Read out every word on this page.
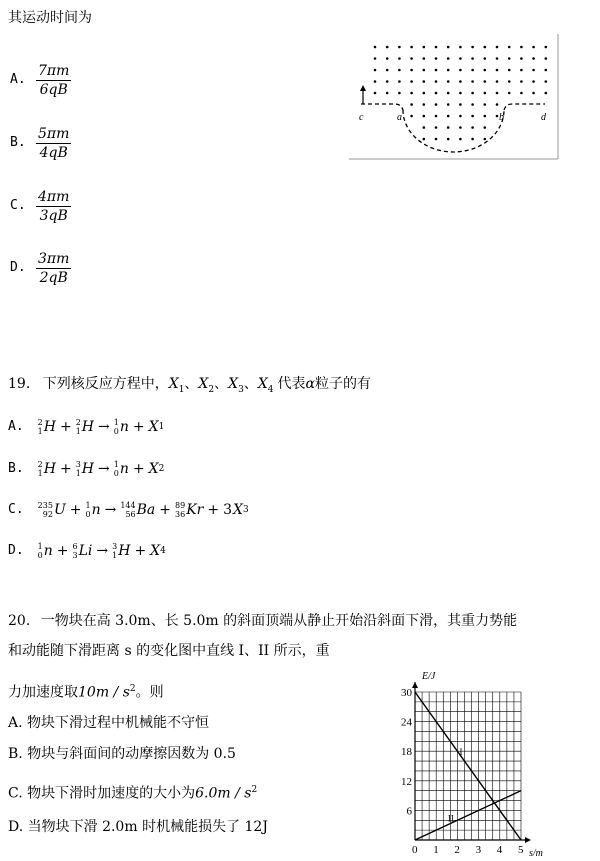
其运动时间为
A. $\frac{7\pi m}{6qB}$
B. $\frac{5\pi m}{4qB}$
C. $\frac{4\pi m}{3qB}$
D. $\frac{3\pi m}{2qB}$
c	a	b	d
19. 下列核反应方程中，$X_1$、$X_2$、$X_3$、$X_4$ 代表α粒子的有
A. 2
1 H + 2
1 H → 1
0 n + X 1
B. 2
1 H + 3
1 H → 1
0 n + X 2
C. 235
92 U + 1
0 n → 144
56 Ba + 89
36 Kr + 3 X 3
D. 1
0 n + 6
3 Li → 3
1 H + X 4
20. 一物块在高 3.0m、长 5.0m 的斜面顶端从静止开始沿斜面下滑，其重力势能
和动能随下滑距离 s 的变化图中直线 I、II 所示，重
力加速度取$10m / s^2$。则
A. 物块下滑过程中机械能不守恒
B. 物块与斜面间的动摩擦因数为 0.5
C. 物块下滑时加速度的大小为$6.0m / s^2$
D. 当物块下滑 2.0m 时机械能损失了 12J
0 1 2 3 4 5
30
24
18
12
6
I
II
E/J
s/m
